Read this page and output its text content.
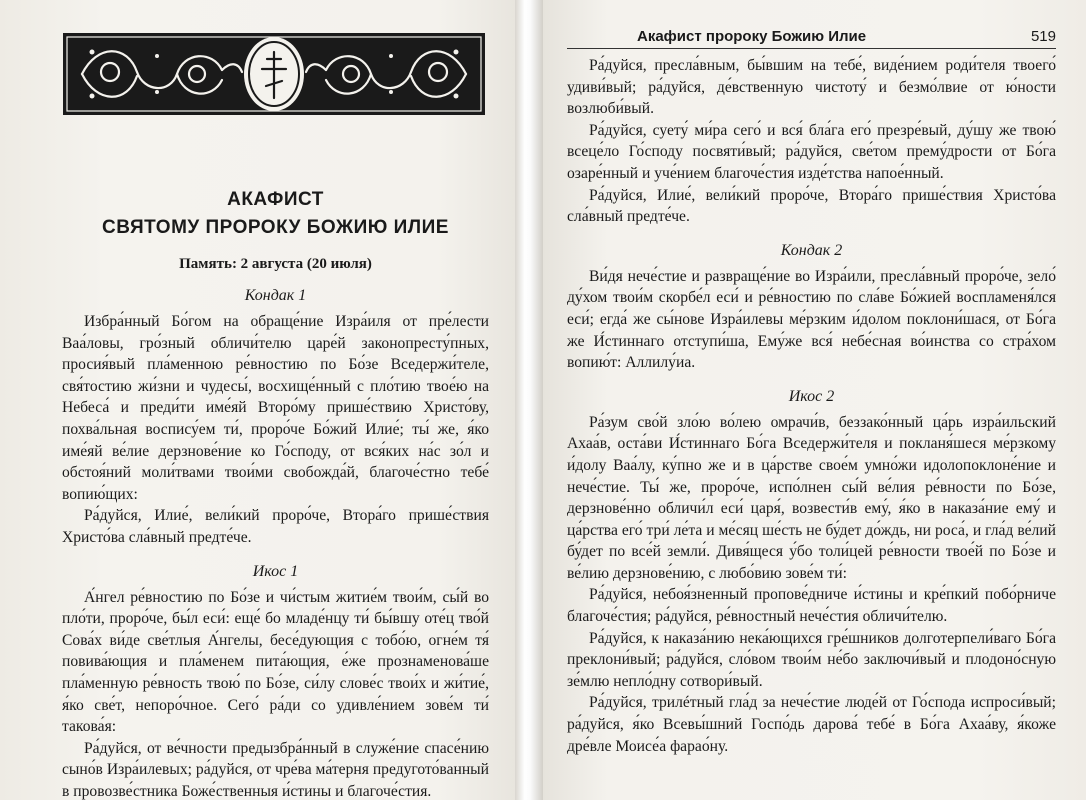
АКАФИСТ
СВЯТОМУ ПРОРОКУ БОЖИЮ ИЛИЕ
Память: 2 августа (20 июля)
Кондак 1

Избра́нный Бо́гом на обраще́ние Изра́иля от пре́лести Ваа́ловы, гро́зный обличи́телю царе́й законопресту́пных, просия́вый пла́менною ре́вностию по Бо́зе Вседержи́теле, свя́тостию жи́зни и чудесы́, восхище́нный с пло́тию твое́ю на Небеса́ и преди́ти име́яй Второ́му прише́ствию Христо́ву, похва́льная воспису́ем ти́, проро́че Бо́жий Илие́; ты́ же, я́ко име́яй ве́лие дерзнове́ние ко Го́споду, от вся́ких на́с зо́л и обстоя́ний моли́твами твои́ми свобожда́й, благоче́стно тебе́ вопию́щих:

Ра́дуйся, Илие́, вели́кий проро́че, Втора́го прише́ствия Христо́ва сла́вный предте́че.

Икос 1

А́нгел ре́вностию по Бо́зе и чи́стым житие́м твои́м, сы́й во пло́ти, проро́че, бы́л еси́: еще́ бо младе́нцу ти́ бы́вшу оте́ц тво́й Сова́х ви́де све́тлыя А́нгелы, бесе́дующия с тобо́ю, огне́м тя́ повива́ющия и пла́менем пита́ющия, е́же прознаменова́ше пла́менную ре́вность твою́ по Бо́зе, си́лу слове́с твои́х и жи́тие́, я́ко све́т, непоро́чное. Сего́ ра́ди со удивле́нием зове́м ти́ такова́я:

Ра́дуйся, от ве́чности предызбра́нный в служе́ние спасе́нию сыно́в Изра́илевых; ра́дуйся, от чре́ва ма́терня предугото́ванный в провозве́стника Боже́ственныя и́стины и благоче́стия.

Акафист пророку Божию Илие	519

Ра́дуйся, пресла́вным, бы́вшим на тебе́, виде́нием роди́теля твоего́ удиви́вый; ра́дуйся, де́вственную чистоту́ и безмо́лвие от ю́ности возлюби́вый.

Ра́дуйся, суету́ ми́ра сего́ и вся́ бла́га его́ презре́вый, ду́шу же твою́ всеце́ло Го́споду посвяти́вый; ра́дуйся, све́том прему́дрости от Бо́га озаре́нный и уче́нием благоче́стия изде́тства напое́нный.

Ра́дуйся, Илие́, вели́кий проро́че, Втора́го прише́ствия Христо́ва сла́вный предте́че.

Кондак 2

Ви́дя нече́стие и развраще́ние во Изра́или, пресла́вный проро́че, зело́ ду́хом твои́м скорбе́л еси́ и ре́вностию по сла́ве Бо́жией воспламеня́лся еси́; егда́ же сы́нове Изра́илевы ме́рзким и́долом поклони́шася, от Бо́га же И́стиннаго отступи́ша, Ему́же вся́ небе́сная во́инства со стра́хом вопию́т: Аллилу́иа.

Икос 2

Ра́зум сво́й зло́ю во́лею омрачи́в, беззако́нный ца́рь изра́ильский Ахаа́в, оста́ви И́стиннаго Бо́га Вседержи́теля и покланя́шеся ме́рзкому и́долу Ваа́лу, ку́пно же и в ца́рстве свое́м умно́жи идолопоклоне́ние и нече́стие. Ты́ же, проро́че, испо́лнен сы́й ве́лия ре́вности по Бо́зе, дерзнове́нно обличи́л еси́ царя́, возвести́в ему́, я́ко в наказа́ние ему́ и ца́рства его́ три́ ле́та и ме́сяц ше́сть не бу́дет до́ждь, ни роса́, и гла́д ве́лий бу́дет по все́й земли́. Дивя́щеся у́бо толи́цей ре́вности твое́й по Бо́зе и ве́лию дерзнове́нию, с любо́вию зове́м ти́:

Ра́дуйся, небоя́зненный пропове́дниче и́стины и кре́пкий побо́рниче благоче́стия; ра́дуйся, ре́вностный нече́стия обличи́телю.

Ра́дуйся, к наказа́нию нека́ющихся гре́шников долготерпели́ваго Бо́га преклони́вый; ра́дуйся, сло́вом твои́м не́бо заключи́вый и плодоно́сную зе́млю непло́дну сотвори́вый.

Ра́дуйся, трилéтный гла́д за нече́стие люде́й от Го́спода испроси́вый; ра́дуйся, я́ко Всевы́шний Госпо́дь дарова́ тебе́ в Бо́га Ахаа́ву, я́коже дре́вле Моисе́а фарао́ну.
